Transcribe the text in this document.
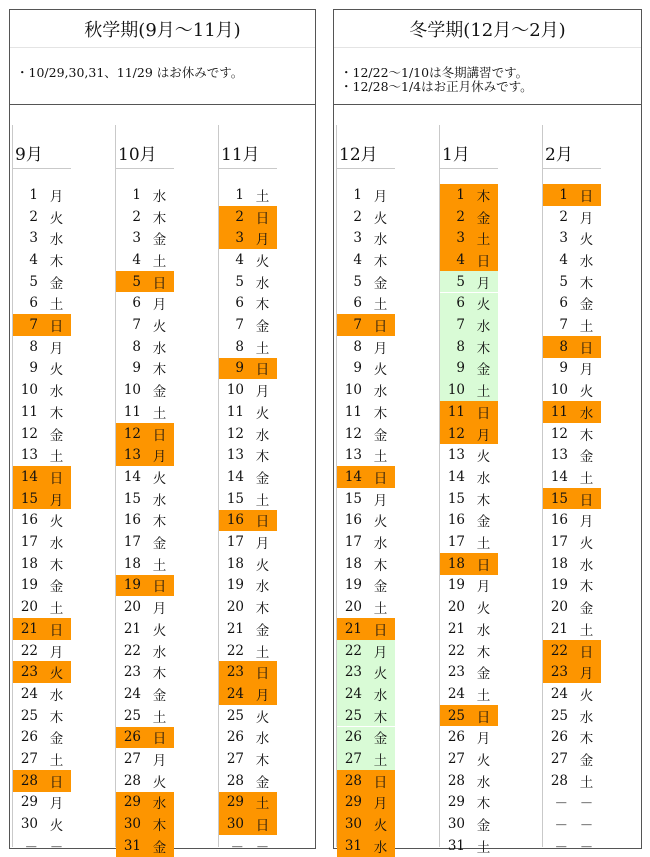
秋学期(9月～11月)
・10/29,30,31、11/29 はお休みです。
9月
1 月
2 火
3 水
4 木
5 金
6 土
7 日
8 月
9 火
10 水
11 木
12 金
13 土
14 日
15 月
16 火
17 水
18 木
19 金
20 土
21 日
22 月
23 火
24 水
25 木
26 金
27 土
28 日
29 月
30 火
－ －
10月
1 水
2 木
3 金
4 土
5 日
6 月
7 火
8 水
9 木
10 金
11 土
12 日
13 月
14 火
15 水
16 木
17 金
18 土
19 日
20 月
21 火
22 水
23 木
24 金
25 土
26 日
27 月
28 火
29 水
30 木
31 金
11月
1 土
2 日
3 月
4 火
5 水
6 木
7 金
8 土
9 日
10 月
11 火
12 水
13 木
14 金
15 土
16 日
17 月
18 火
19 水
20 木
21 金
22 土
23 日
24 月
25 火
26 水
27 木
28 金
29 土
30 日
－ －
冬学期(12月～2月)
・12/22～1/10は冬期講習です。
・12/28～1/4はお正月休みです。
12月
1 月
2 火
3 水
4 木
5 金
6 土
7 日
8 月
9 火
10 水
11 木
12 金
13 土
14 日
15 月
16 火
17 水
18 木
19 金
20 土
21 日
22 月
23 火
24 水
25 木
26 金
27 土
28 日
29 月
30 火
31 水
1月
1 木
2 金
3 土
4 日
5 月
6 火
7 水
8 木
9 金
10 土
11 日
12 月
13 火
14 水
15 木
16 金
17 土
18 日
19 月
20 火
21 水
22 木
23 金
24 土
25 日
26 月
27 火
28 水
29 木
30 金
31 土
2月
1 日
2 月
3 火
4 水
5 木
6 金
7 土
8 日
9 月
10 火
11 水
12 木
13 金
14 土
15 日
16 月
17 火
18 水
19 木
20 金
21 土
22 日
23 月
24 火
25 水
26 木
27 金
28 土
－ －
－ －
－ －
